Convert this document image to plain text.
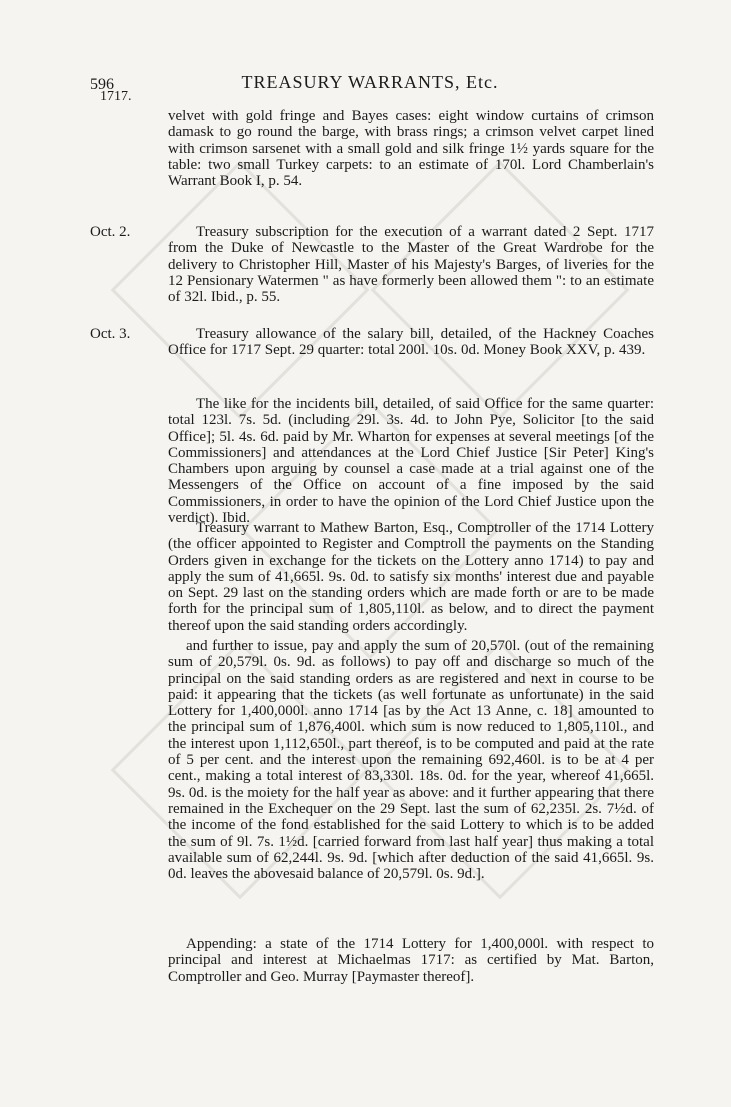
596	TREASURY WARRANTS, Etc.
1717.
velvet with gold fringe and Bayes cases: eight window curtains of crimson damask to go round the barge, with brass rings; a crimson velvet carpet lined with crimson sarsenet with a small gold and silk fringe 1½ yards square for the table: two small Turkey carpets: to an estimate of 170l. Lord Chamberlain's Warrant Book I, p. 54.
Oct. 2.	Treasury subscription for the execution of a warrant dated 2 Sept. 1717 from the Duke of Newcastle to the Master of the Great Wardrobe for the delivery to Christopher Hill, Master of his Majesty's Barges, of liveries for the 12 Pensionary Watermen " as have formerly been allowed them ": to an estimate of 32l. Ibid., p. 55.
Oct. 3.	Treasury allowance of the salary bill, detailed, of the Hackney Coaches Office for 1717 Sept. 29 quarter: total 200l. 10s. 0d. Money Book XXV, p. 439.
The like for the incidents bill, detailed, of said Office for the same quarter: total 123l. 7s. 5d. (including 29l. 3s. 4d. to John Pye, Solicitor [to the said Office]; 5l. 4s. 6d. paid by Mr. Wharton for expenses at several meetings [of the Commissioners] and attendances at the Lord Chief Justice [Sir Peter] King's Chambers upon arguing by counsel a case made at a trial against one of the Messengers of the Office on account of a fine imposed by the said Commissioners, in order to have the opinion of the Lord Chief Justice upon the verdict). Ibid.
Treasury warrant to Mathew Barton, Esq., Comptroller of the 1714 Lottery (the officer appointed to Register and Comptroll the payments on the Standing Orders given in exchange for the tickets on the Lottery anno 1714) to pay and apply the sum of 41,665l. 9s. 0d. to satisfy six months' interest due and payable on Sept. 29 last on the standing orders which are made forth or are to be made forth for the principal sum of 1,805,110l. as below, and to direct the payment thereof upon the said standing orders accordingly.
and further to issue, pay and apply the sum of 20,570l. (out of the remaining sum of 20,579l. 0s. 9d. as follows) to pay off and discharge so much of the principal on the said standing orders as are registered and next in course to be paid: it appearing that the tickets (as well fortunate as unfortunate) in the said Lottery for 1,400,000l. anno 1714 [as by the Act 13 Anne, c. 18] amounted to the principal sum of 1,876,400l. which sum is now reduced to 1,805,110l., and the interest upon 1,112,650l., part thereof, is to be computed and paid at the rate of 5 per cent. and the interest upon the remaining 692,460l. is to be at 4 per cent., making a total interest of 83,330l. 18s. 0d. for the year, whereof 41,665l. 9s. 0d. is the moiety for the half year as above: and it further appearing that there remained in the Exchequer on the 29 Sept. last the sum of 62,235l. 2s. 7½d. of the income of the fond established for the said Lottery to which is to be added the sum of 9l. 7s. 1½d. [carried forward from last half year] thus making a total available sum of 62,244l. 9s. 9d. [which after deduction of the said 41,665l. 9s. 0d. leaves the abovesaid balance of 20,579l. 0s. 9d.].
Appending: a state of the 1714 Lottery for 1,400,000l. with respect to principal and interest at Michaelmas 1717: as certified by Mat. Barton, Comptroller and Geo. Murray [Paymaster thereof].
